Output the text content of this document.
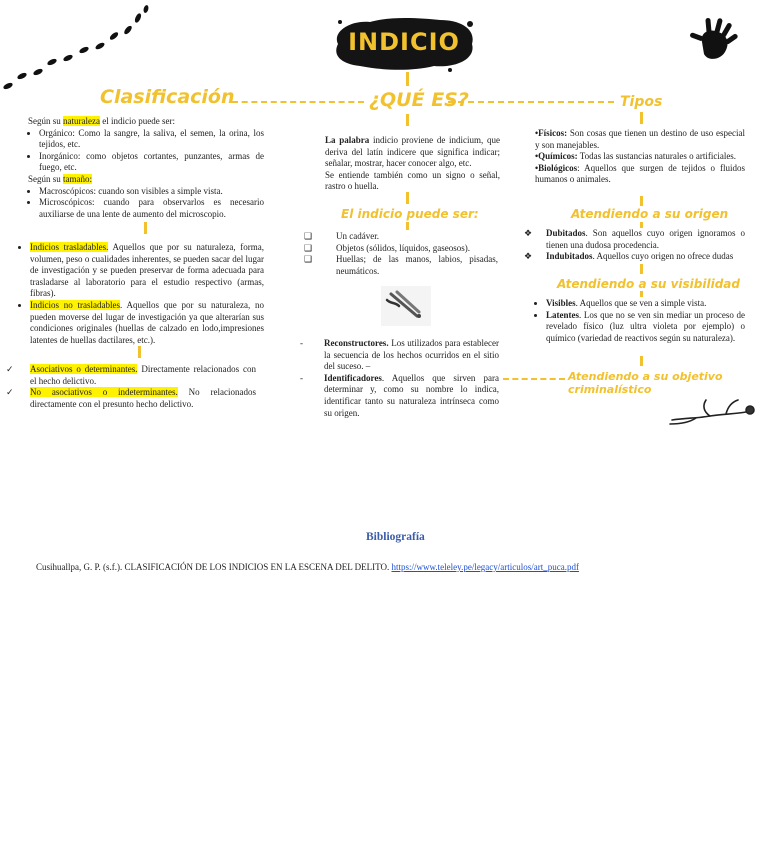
INDICIO
Clasificación	¿QUÉ ES?	Tipos

Según su naturaleza el indicio puede ser:

• Orgánico: Como la sangre, la saliva, el semen, la orina, los tejidos, etc.
• Inorgánico: como objetos cortantes, punzantes, armas de fuego, etc.

Según su tamaño:

• Macroscópicos: cuando son visibles a simple vista.
• Microscópicos: cuando para observarlos es necesario auxiliarse de una lente de aumento del microscopio.
• Indicios trasladables. Aquellos que por su naturaleza, forma, volumen, peso o cualidades inherentes, se pueden sacar del lugar de investigación y se pueden preservar de forma adecuada para trasladarse al laboratorio para el estudio respectivo (armas, fibras).
• Indicios no trasladables. Aquellos que por su naturaleza, no pueden moverse del lugar de investigación ya que alterarían sus condiciones originales (huellas de calzado en lodo,impresiones latentes de huellas dactilares, etc.).

✓ Asociativos o determinantes. Directamente relacionados con el hecho delictivo.

✓ No asociativos o indeterminantes. No relacionados directamente con el presunto hecho delictivo.

La palabra indicio proviene de indicium, que deriva del latín indicere que significa indicar; señalar, mostrar, hacer conocer algo, etc.

Se entiende también como un signo o señal, rastro o huella.

El indicio puede ser:

❑	Un cadáver.

❑	Objetos (sólidos, líquidos, gaseosos).

❑	Huellas; de las manos, labios, pisadas, neumáticos.

- Reconstructores. Los utilizados para establecer la secuencia de los hechos ocurridos en el sitio del suceso. –

- Identificadores. Aquellos que sirven para determinar y, como su nombre lo indica, identificar tanto su naturaleza intrínseca como su origen.

•Físicos: Son cosas que tienen un destino de uso especial y son manejables.

•Químicos: Todas las sustancias naturales o artificiales.

•Biológicos: Aquellos que surgen de tejidos o fluidos humanos o animales.

Atendiendo a su origen

❖ Dubitados. Son aquellos cuyo origen ignoramos o tienen una dudosa procedencia.

❖ Indubitados. Aquellos cuyo origen no ofrece dudas

Atendiendo a su visibilidad
• Visibles. Aquellos que se ven a simple vista.
• Latentes. Los que no se ven sin mediar un proceso de revelado físico (luz ultra violeta por ejemplo) o químico (variedad de reactivos según su naturaleza).
Atendiendo a su objetivo criminalístico
Bibliografía
Cusihuallpa, G. P. (s.f.). CLASIFICACIÓN DE LOS INDICIOS EN LA ESCENA DEL DELITO. https://www.teleley.pe/legacy/articulos/art_puca.pdf
